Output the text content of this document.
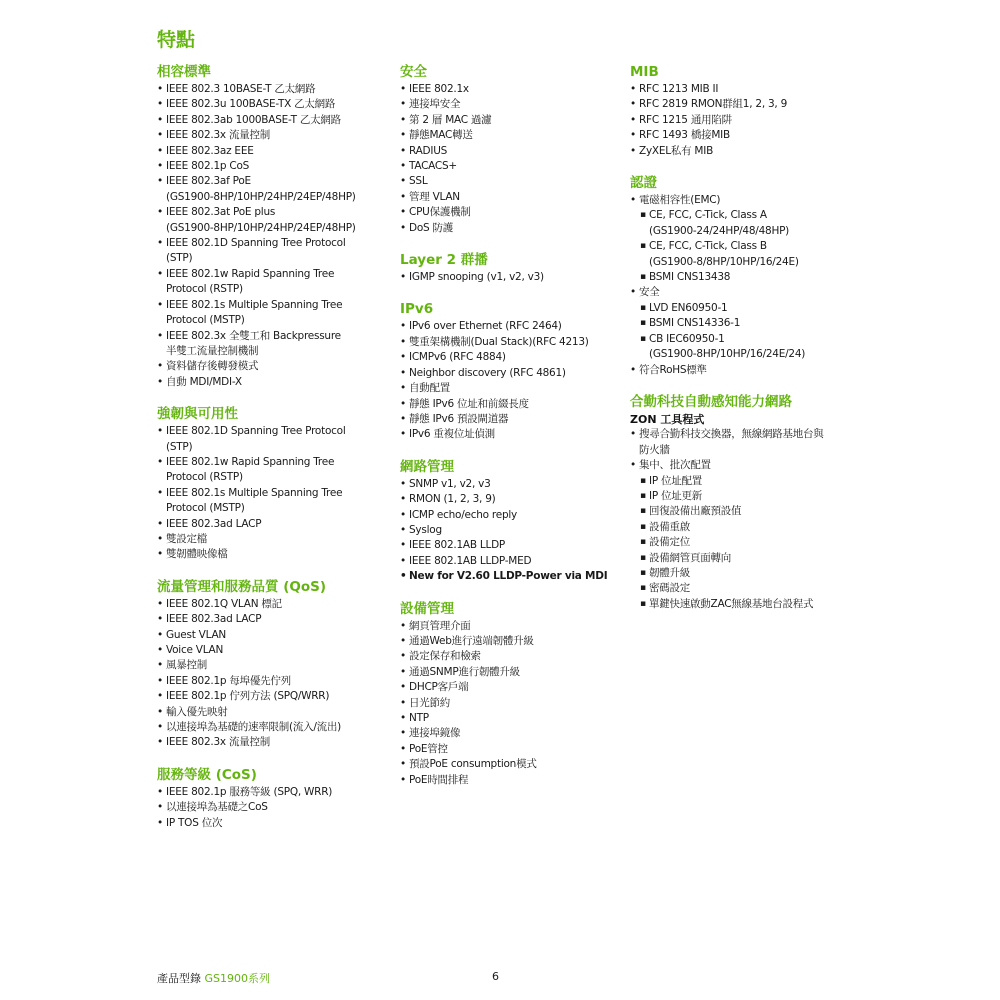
特點
相容標準
• IEEE 802.3 10BASE-T 乙太網路
• IEEE 802.3u 100BASE-TX 乙太網路
• IEEE 802.3ab 1000BASE-T 乙太網路
• IEEE 802.3x 流量控制
• IEEE 802.3az EEE
• IEEE 802.1p CoS
• IEEE 802.3af PoE
(GS1900-8HP/10HP/24HP/24EP/48HP)
• IEEE 802.3at PoE plus
(GS1900-8HP/10HP/24HP/24EP/48HP)
• IEEE 802.1D Spanning Tree Protocol
(STP)
• IEEE 802.1w Rapid Spanning Tree
Protocol (RSTP)
• IEEE 802.1s Multiple Spanning Tree
Protocol (MSTP)
• IEEE 802.3x 全雙工和 Backpressure
半雙工流量控制機制
• 資料儲存後轉發模式
• 自動 MDI/MDI-X
強韌與可用性
• IEEE 802.1D Spanning Tree Protocol
(STP)
• IEEE 802.1w Rapid Spanning Tree
Protocol (RSTP)
• IEEE 802.1s Multiple Spanning Tree
Protocol (MSTP)
• IEEE 802.3ad LACP
• 雙設定檔
• 雙韌體映像檔
流量管理和服務品質 (QoS)
• IEEE 802.1Q VLAN 標記
• IEEE 802.3ad LACP
• Guest VLAN
• Voice VLAN
• 風暴控制
• IEEE 802.1p 每埠優先佇列
• IEEE 802.1p 佇列方法 (SPQ/WRR)
• 輸入優先映射
• 以連接埠為基礎的速率限制(流入/流出)
• IEEE 802.3x 流量控制
服務等級 (CoS)
• IEEE 802.1p 服務等級 (SPQ, WRR)
• 以連接埠為基礎之CoS
• IP TOS 位次
安全
• IEEE 802.1x
• 連接埠安全
• 第 2 層 MAC 過濾
• 靜態MAC轉送
• RADIUS
• TACACS+
• SSL
• 管理 VLAN
• CPU保護機制
• DoS 防護
Layer 2 群播
• IGMP snooping (v1, v2, v3)
IPv6
• IPv6 over Ethernet (RFC 2464)
• 雙重架構機制(Dual Stack)(RFC 4213)
• ICMPv6 (RFC 4884)
• Neighbor discovery (RFC 4861)
• 自動配置
• 靜態 IPv6 位址和前綴長度
• 靜態 IPv6 預設閘道器
• IPv6 重複位址偵測
網路管理
• SNMP v1, v2, v3
• RMON (1, 2, 3, 9)
• ICMP echo/echo reply
• Syslog
• IEEE 802.1AB LLDP
• IEEE 802.1AB LLDP-MED
• New for V2.60 LLDP-Power via MDI
設備管理
• 網頁管理介面
• 通過Web進行遠端韌體升級
• 設定保存和檢索
• 通過SNMP進行韌體升級
• DHCP客戶端
• 日光節約
• NTP
• 連接埠鏡像
• PoE管控
• 預設PoE consumption模式
• PoE時間排程
MIB
• RFC 1213 MIB II
• RFC 2819 RMON群組1, 2, 3, 9
• RFC 1215 通用陷阱
• RFC 1493 橋接MIB
• ZyXEL私有 MIB
認證
• 電磁相容性(EMC)
▪ CE, FCC, C-Tick, Class A
(GS1900-24/24HP/48/48HP)
▪ CE, FCC, C-Tick, Class B
(GS1900-8/8HP/10HP/16/24E)
▪ BSMI CNS13438
• 安全
▪ LVD EN60950-1
▪ BSMI CNS14336-1
▪ CB IEC60950-1
(GS1900-8HP/10HP/16/24E/24)
• 符合RoHS標準
合勤科技自動感知能力網路
ZON 工具程式
• 搜尋合勤科技交換器，無線網路基地台與
防火牆
• 集中、批次配置
▪ IP 位址配置
▪ IP 位址更新
▪ 回復設備出廠預設值
▪ 設備重啟
▪ 設備定位
▪ 設備網管頁面轉向
▪ 韌體升級
▪ 密碼設定
▪ 單鍵快速啟動ZAC無線基地台設程式
產品型錄 GS1900系列	6
